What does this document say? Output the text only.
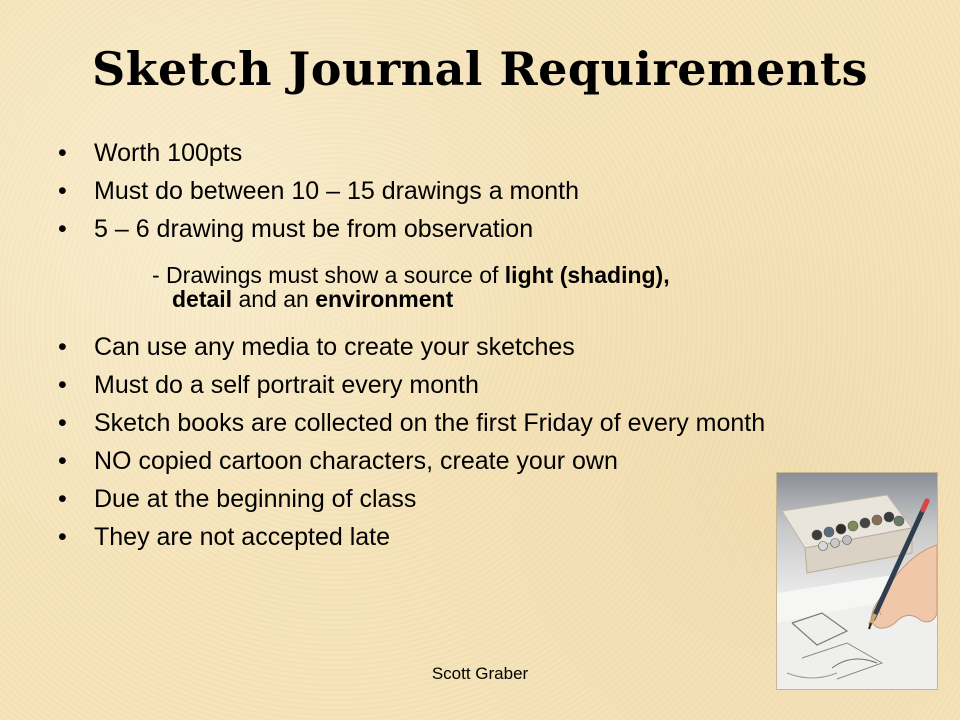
Sketch Journal Requirements
• Worth 100pts
• Must do between 10 – 15 drawings a month
• 5 – 6 drawing must be from observation
- Drawings must show a source of light (shading),
detail and an environment
• Can use any media to create your sketches
• Must do a self portrait every month
• Sketch books are collected on the first Friday of every month
• NO copied cartoon characters, create your own
• Due at the beginning of class
• They are not accepted late
Scott Graber
